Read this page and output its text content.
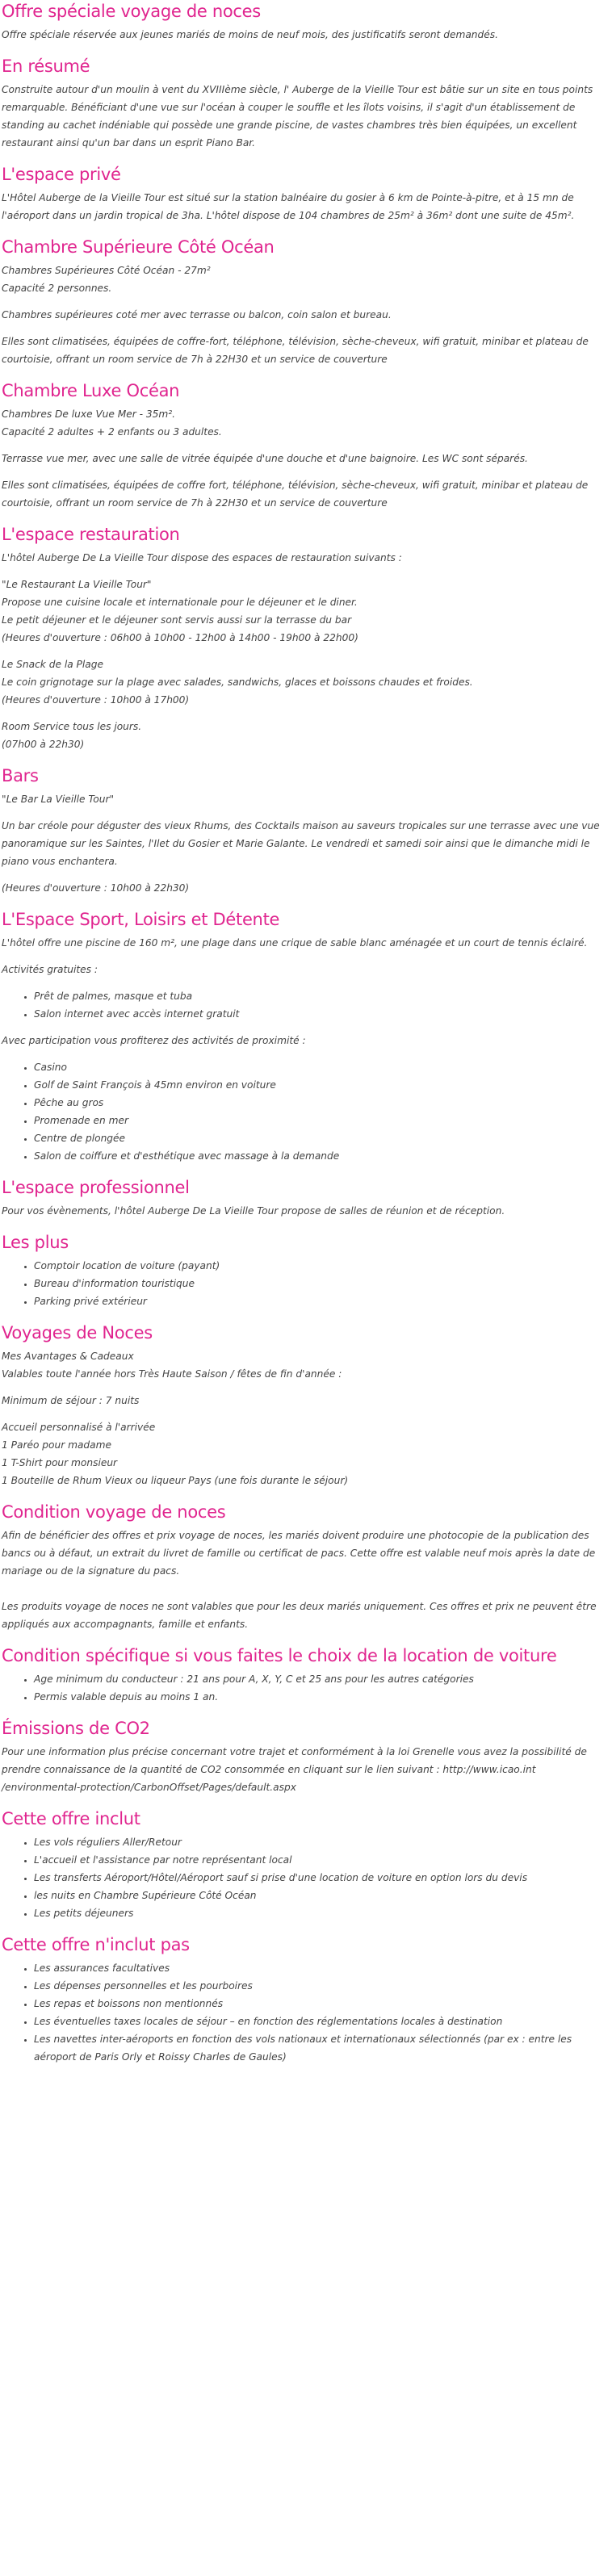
Offre spéciale voyage de noces

Offre spéciale réservée aux jeunes mariés de moins de neuf mois, des justificatifs seront demandés.

En résumé

Construite autour d'un moulin à vent du XVIIIème siècle, l' Auberge de la Vieille Tour est bâtie sur un site en tous points remarquable. Bénéficiant d'une vue sur l'océan à couper le souffle et les îlots voisins, il s'agit d'un établissement de standing au cachet indéniable qui possède une grande piscine, de vastes chambres très bien équipées, un excellent restaurant ainsi qu'un bar dans un esprit Piano Bar.

L'espace privé

L'Hôtel Auberge de la Vieille Tour est situé sur la station balnéaire du gosier à 6 km de Pointe-à-pitre, et à 15 mn de l'aéroport dans un jardin tropical de 3ha. L'hôtel dispose de 104 chambres de 25m² à 36m² dont une suite de 45m².

Chambre Supérieure Côté Océan

Chambres Supérieures Côté Océan - 27m²
Capacité 2 personnes.

Chambres supérieures coté mer avec terrasse ou balcon, coin salon et bureau.

Elles sont climatisées, équipées de coffre-fort, téléphone, télévision, sèche-cheveux, wifi gratuit, minibar et plateau de courtoisie, offrant un room service de 7h à 22H30 et un service de couverture

Chambre Luxe Océan

Chambres De luxe Vue Mer - 35m².
Capacité 2 adultes + 2 enfants ou 3 adultes.

Terrasse vue mer, avec une salle de vitrée équipée d'une douche et d'une baignoire. Les WC sont séparés.

Elles sont climatisées, équipées de coffre fort, téléphone, télévision, sèche-cheveux, wifi gratuit, minibar et plateau de courtoisie, offrant un room service de 7h à 22H30 et un service de couverture

L'espace restauration

L'hôtel Auberge De La Vieille Tour dispose des espaces de restauration suivants :

"Le Restaurant La Vieille Tour"
Propose une cuisine locale et internationale pour le déjeuner et le diner.
Le petit déjeuner et le déjeuner sont servis aussi sur la terrasse du bar
(Heures d'ouverture : 06h00 à 10h00 - 12h00 à 14h00 - 19h00 à 22h00)

Le Snack de la Plage
Le coin grignotage sur la plage avec salades, sandwichs, glaces et boissons chaudes et froides.
(Heures d'ouverture : 10h00 à 17h00)

Room Service tous les jours.
(07h00 à 22h30)

Bars

"Le Bar La Vieille Tour"

Un bar créole pour déguster des vieux Rhums, des Cocktails maison au saveurs tropicales sur une terrasse avec une vue panoramique sur les Saintes, l'Ilet du Gosier et Marie Galante. Le vendredi et samedi soir ainsi que le dimanche midi le piano vous enchantera.

(Heures d'ouverture : 10h00 à 22h30)

L'Espace Sport, Loisirs et Détente

L'hôtel offre une piscine de 160 m², une plage dans une crique de sable blanc aménagée et un court de tennis éclairé.

Activités gratuites :

• Prêt de palmes, masque et tuba
• Salon internet avec accès internet gratuit

Avec participation vous profiterez des activités de proximité :

• Casino
• Golf de Saint François à 45mn environ en voiture
• Pêche au gros
• Promenade en mer
• Centre de plongée
• Salon de coiffure et d'esthétique avec massage à la demande
L'espace professionnel

Pour vos évènements, l'hôtel Auberge De La Vieille Tour propose de salles de réunion et de réception.

Les plus
• Comptoir location de voiture (payant)
• Bureau d'information touristique
• Parking privé extérieur
Voyages de Noces

Mes Avantages & Cadeaux
Valables toute l'année hors Très Haute Saison / fêtes de fin d'année :

Minimum de séjour : 7 nuits

Accueil personnalisé à l'arrivée
1 Paréo pour madame
1 T-Shirt pour monsieur
1 Bouteille de Rhum Vieux ou liqueur Pays (une fois durante le séjour)

Condition voyage de noces

Afin de bénéficier des offres et prix voyage de noces, les mariés doivent produire une photocopie de la publication des bancs ou à défaut, un extrait du livret de famille ou certificat de pacs. Cette offre est valable neuf mois après la date de mariage ou de la signature du pacs.

Les produits voyage de noces ne sont valables que pour les deux mariés uniquement. Ces offres et prix ne peuvent être appliqués aux accompagnants, famille et enfants.

Condition spécifique si vous faites le choix de la location de voiture
• Age minimum du conducteur : 21 ans pour A, X, Y, C et 25 ans pour les autres catégories
• Permis valable depuis au moins 1 an.
Émissions de CO2

Pour une information plus précise concernant votre trajet et conformément à la loi Grenelle vous avez la possibilité de prendre connaissance de la quantité de CO2 consommée en cliquant sur le lien suivant : http://www.icao.int /environmental-protection/CarbonOffset/Pages/default.aspx

Cette offre inclut
• Les vols réguliers Aller/Retour
• L'accueil et l'assistance par notre représentant local
• Les transferts Aéroport/Hôtel/Aéroport sauf si prise d'une location de voiture en option lors du devis
• les nuits en Chambre Supérieure Côté Océan
• Les petits déjeuners
Cette offre n'inclut pas
• Les assurances facultatives
• Les dépenses personnelles et les pourboires
• Les repas et boissons non mentionnés
• Les éventuelles taxes locales de séjour – en fonction des réglementations locales à destination
• Les navettes inter-aéroports en fonction des vols nationaux et internationaux sélectionnés (par ex : entre les aéroport de Paris Orly et Roissy Charles de Gaules)
